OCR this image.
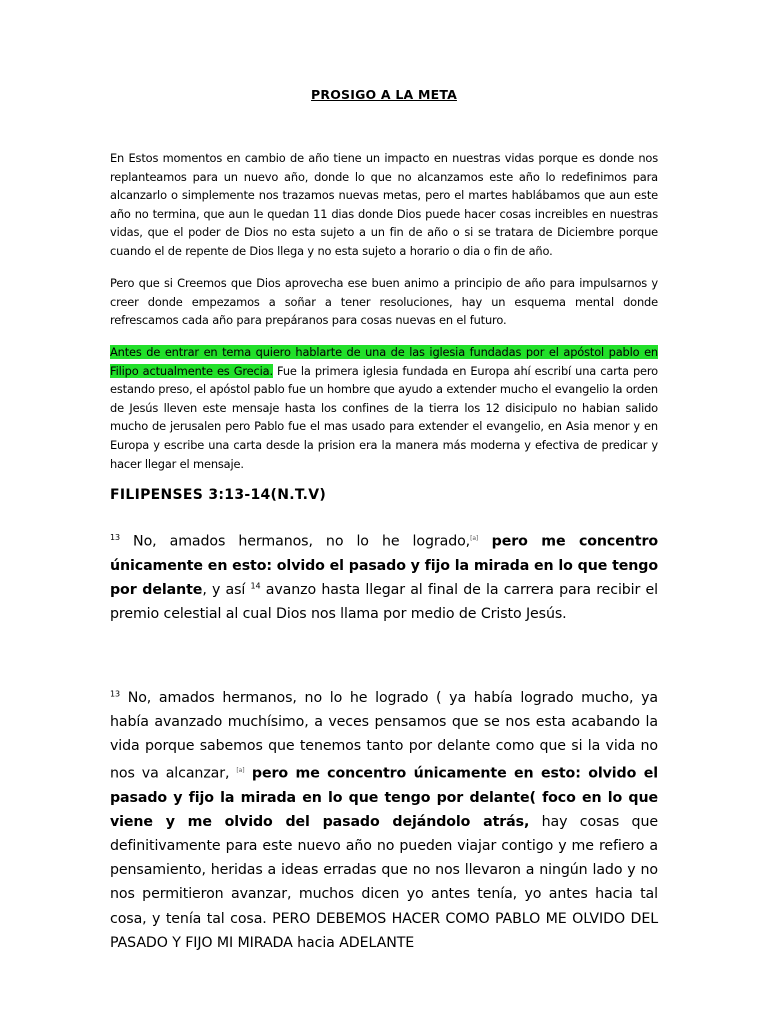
PROSIGO A LA META
En Estos momentos en cambio de año tiene un impacto en nuestras vidas porque es donde nos replanteamos para un nuevo año, donde lo que no alcanzamos este año lo redefinimos para alcanzarlo o simplemente nos trazamos nuevas metas, pero el martes hablábamos que aun este año no termina, que aun le quedan 11 dias donde Dios puede hacer cosas increibles en nuestras vidas, que el poder de Dios no esta sujeto a un fin de año o si se tratara de Diciembre porque cuando el de repente de Dios llega y no esta sujeto a horario o dia o fin de año.
Pero que si Creemos que Dios aprovecha ese buen animo a principio de año para impulsarnos y creer donde empezamos a soñar a tener resoluciones, hay un esquema mental donde refrescamos cada año para prepáranos para cosas nuevas en el futuro.
Antes de entrar en tema quiero hablarte de una de las iglesia fundadas por el apóstol pablo en Filipo actualmente es Grecia. Fue la primera iglesia fundada en Europa ahí escribí una carta pero estando preso, el apóstol pablo fue un hombre que ayudo a extender mucho el evangelio la orden de Jesús lleven este mensaje hasta los confines de la tierra los 12 disicipulo no habian salido mucho de jerusalen pero Pablo fue el mas usado para extender el evangelio, en Asia menor y en Europa y escribe una carta desde la prision era la manera más moderna y efectiva de predicar y hacer llegar el mensaje.
FILIPENSES 3:13-14(N.T.V)
$^{13}$ No, amados hermanos, no lo he logrado,[a] pero me concentro únicamente en esto: olvido el pasado y fijo la mirada en lo que tengo por delante, y así $^{14}$ avanzo hasta llegar al final de la carrera para recibir el premio celestial al cual Dios nos llama por medio de Cristo Jesús.
$^{13}$ No, amados hermanos, no lo he logrado ( ya había logrado mucho, ya había avanzado muchísimo, a veces pensamos que se nos esta acabando la vida porque sabemos que tenemos tanto por delante como que si la vida no nos va alcanzar, [a] pero me concentro únicamente en esto: olvido el pasado y fijo la mirada en lo que tengo por delante( foco en lo que viene y me olvido del pasado dejándolo atrás, hay cosas que definitivamente para este nuevo año no pueden viajar contigo y me refiero a pensamiento, heridas a ideas erradas que no nos llevaron a ningún lado y no nos permitieron avanzar, muchos dicen yo antes tenía, yo antes hacia tal cosa, y tenía tal cosa. PERO DEBEMOS HACER COMO PABLO ME OLVIDO DEL PASADO Y FIJO MI MIRADA hacia ADELANTE
